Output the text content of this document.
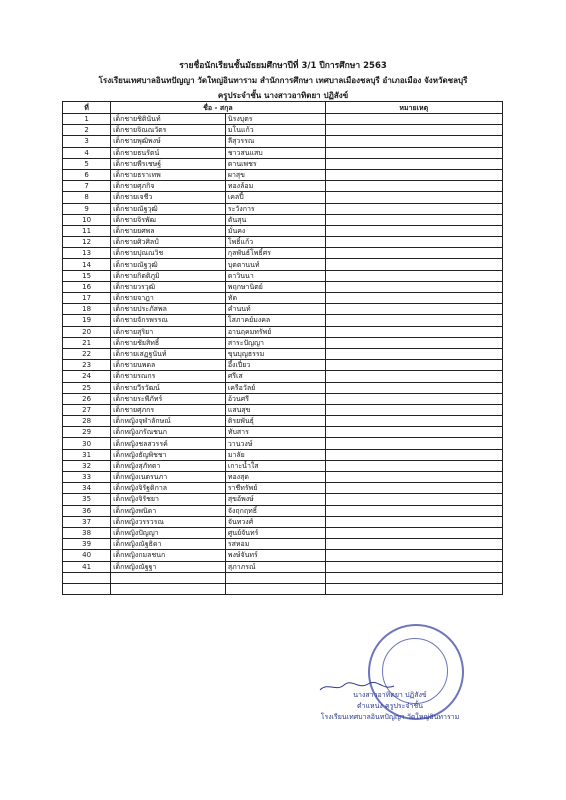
รายชื่อนักเรียนชั้นมัธยมศึกษาปีที่ 3/1 ปีการศึกษา 2563
โรงเรียนเทศบาลอินทปัญญา วัดใหญ่อินทาราม สำนักการศึกษา เทศบาลเมืองชลบุรี อำเภอเมือง จังหวัดชลบุรี
ครูประจำชั้น นางสาวอาทิตยา ปฏิสังข์
ที่	ชื่อ - สกุล		หมายเหตุ
1	เด็กชายชิตินันท์	นิรงบุตร	
2	เด็กชายจิณณวัตร	มโนแก้ว	
3	เด็กชายพุฒิพงษ์	ลีสุวรรณ	
4	เด็กชายธนรัตน์	ชาวสนแสบ	
5	เด็กชายพีรเชษฐ์	ดานเพชร	
6	เด็กชายธราเทพ	ผาสุข	
7	เด็กชายศุภกิจ	ทองล้อม	
8	เด็กชายเจชีว	เคลปี้	
9	เด็กชายณัฐวุฒิ	ระวังการ	
10	เด็กชายจิรพัฒ	ตันสุน	
11	เด็กชายยศพล	มั่นคง	
12	เด็กชายศิวศิลป์	โพธิ์แก้ว	
13	เด็กชายปุณณวิช	กุลพันธ์โพธิ์ศร	
14	เด็กชายณัฐวุฒิ	บุตตานนท์	
15	เด็กชายกิตติภูมิ	ดาวินนา	
16	เด็กชายวรวุฒิ	พฤกษานิตย์	
17	เด็กชายจาฎา	ทัด	
18	เด็กชายประภัสพล	คำนนท์	
19	เด็กชายจักรพรรณ	โสภาคย์มงคล	
20	เด็กชายสุริยา	อานฤคมทรัพย์	
21	เด็กชายชัยสิทธิ์	สาระปัญญา	
22	เด็กชายเสฏฐนันท์	ขุนบุญธรรม	
23	เด็กชายนพดล	อึ้งเปี่ยว	
24	เด็กชายรณกร	ศรีเส	
25	เด็กชายวีรวัฒน์	เครือวัลย์	
26	เด็กชายระพีภัทร์	อ้วนศรี	
27	เด็กชายศุภกร	แสนสุข	
28	เด็กหญิงจุฬาลักษณ์	ติรยพันธุ์	
29	เด็กหญิงภรัณชนก	ทับสาร	
30	เด็กหญิงชลสวรรค์	วานวงษ์	
31	เด็กหญิงธัญพิชชา	มาลัย	
32	เด็กหญิงสุภัทตา	เกาะน้ำใส	
33	เด็กหญิงเนตรนภา	ทองสุด	
34	เด็กหญิงจิรัฐติกาล	ราชีทรัพย์	
35	เด็กหญิงจิรัชยา	สุขอ้พงษ์	
36	เด็กหญิงพนิดา	จังฤกฤทธิ์	
37	เด็กหญิงวรรวรณ	จันทวงศ์	
38	เด็กหญิงปัญญา	ศูนย์จันทร์	
39	เด็กหญิงณัฐธิดา	รสหอม	
40	เด็กหญิงกมลชนก	พงษ์จันทร์	
41	เด็กหญิงณัฐฐา	สุภาภรณ์	

นางสาวอาทิตยา ปฏิสังข์
ตำแหน่ง ครูประจำชั้น
โรงเรียนเทศบาลอินทปัญญา วัดใหญ่อินทาราม
